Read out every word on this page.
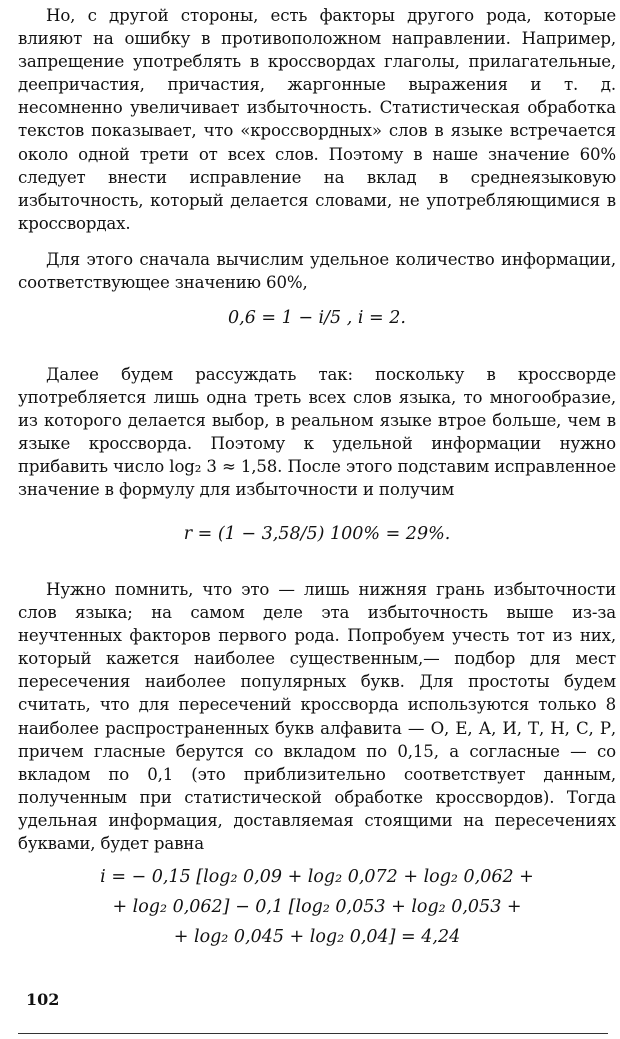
Но, с другой стороны, есть факторы другого рода, которые влияют на ошибку в противоположном направлении. Например, запрещение употреблять в кроссвордах глаголы, прилагательные, деепричастия, причастия, жаргонные выражения и т. д. несомненно увеличивает избыточность. Статистическая обработка текстов показывает, что «кроссвордных» слов в языке встречается около одной трети от всех слов. Поэтому в наше значение 60% следует внести исправление на вклад в среднеязыковую избыточность, который делается словами, не употребляющимися в кроссвордах.

Для этого сначала вычислим удельное количество информации, соответствующее значению 60%,

0,6 = 1 − i/5 , i = 2.

Далее будем рассуждать так: поскольку в кроссворде употребляется лишь одна треть всех слов языка, то многообразие, из которого делается выбор, в реальном языке втрое больше, чем в языке кроссворда. Поэтому к удельной информации нужно прибавить число log₂ 3 ≈ 1,58. После этого подставим исправленное значение в формулу для избыточности и получим

r = (1 − 3,58/5) 100% = 29%.

Нужно помнить, что это — лишь нижняя грань избыточности слов языка; на самом деле эта избыточность выше из-за неучтенных факторов первого рода. Попробуем учесть тот из них, который кажется наиболее существенным,— подбор для мест пересечения наиболее популярных букв. Для простоты будем считать, что для пересечений кроссворда используются только 8 наиболее распространенных букв алфавита — О, Е, А, И, Т, Н, С, Р, причем гласные берутся со вкладом по 0,15, а согласные — со вкладом по 0,1 (это приблизительно соответствует данным, полученным при статистической обработке кроссвордов). Тогда удельная информация, доставляемая стоящими на пересечениях буквами, будет равна

i = − 0,15 [log₂ 0,09 + log₂ 0,072 + log₂ 0,062 +
+ log₂ 0,062] − 0,1 [log₂ 0,053 + log₂ 0,053 +
+ log₂ 0,045 + log₂ 0,04] = 4,24
102
